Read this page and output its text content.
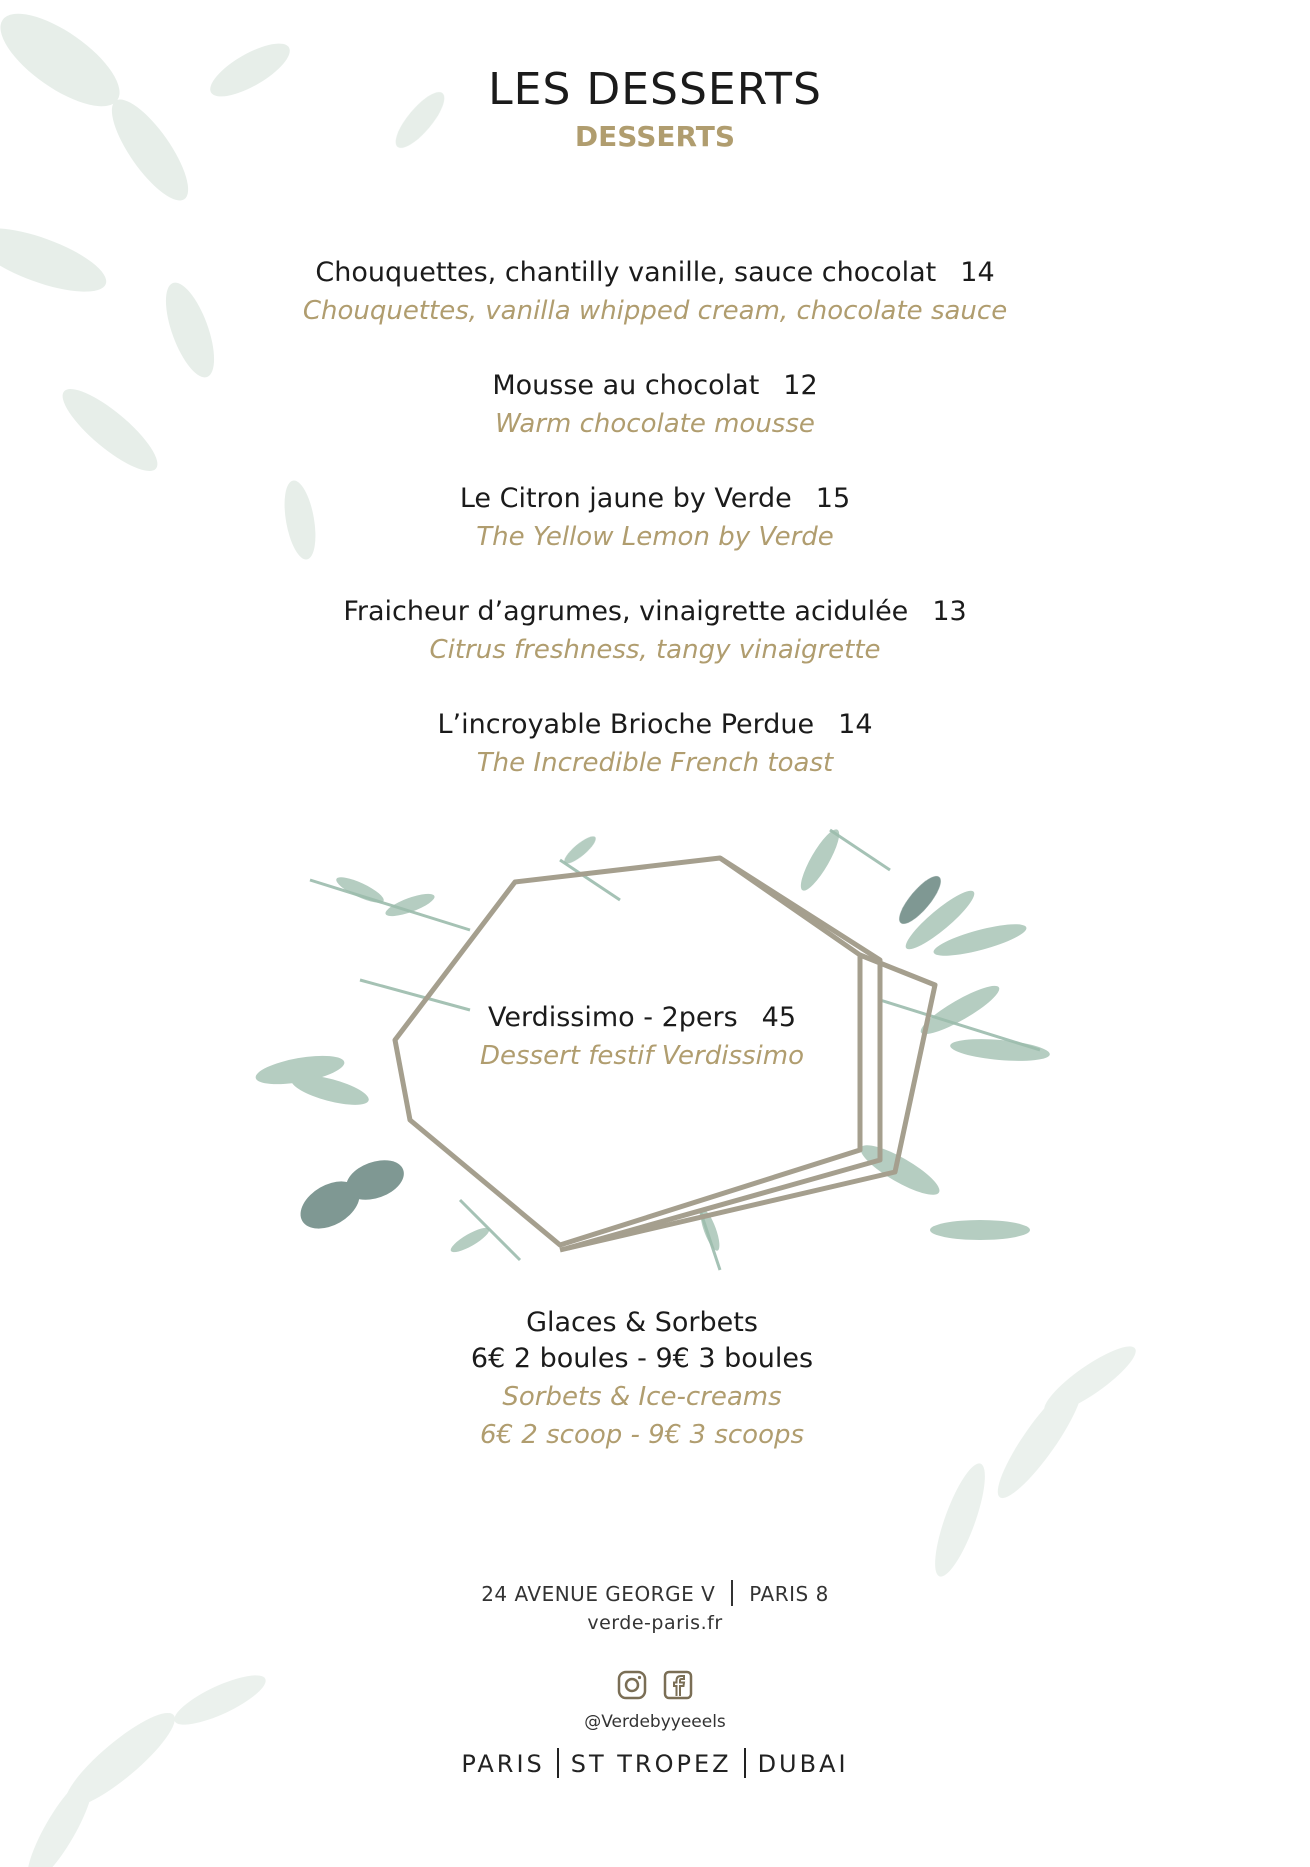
LES DESSERTS
DESSERTS
Chouquettes, chantilly vanille, sauce chocolat 14
Chouquettes, vanilla whipped cream, chocolate sauce
Mousse au chocolat 12
Warm chocolate mousse
Le Citron jaune by Verde 15
The Yellow Lemon by Verde
Fraicheur d’agrumes, vinaigrette acidulée 13
Citrus freshness, tangy vinaigrette
L’incroyable Brioche Perdue 14
The Incredible French toast
Verdissimo - 2pers 45
Dessert festif Verdissimo
Glaces & Sorbets
6€ 2 boules - 9€ 3 boules
Sorbets & Ice-creams
6€ 2 scoop - 9€ 3 scoops
24 AVENUE GEORGE V PARIS 8
verde-paris.fr
@Verdebyyeeels
PARIS ST TROPEZ DUBAI
